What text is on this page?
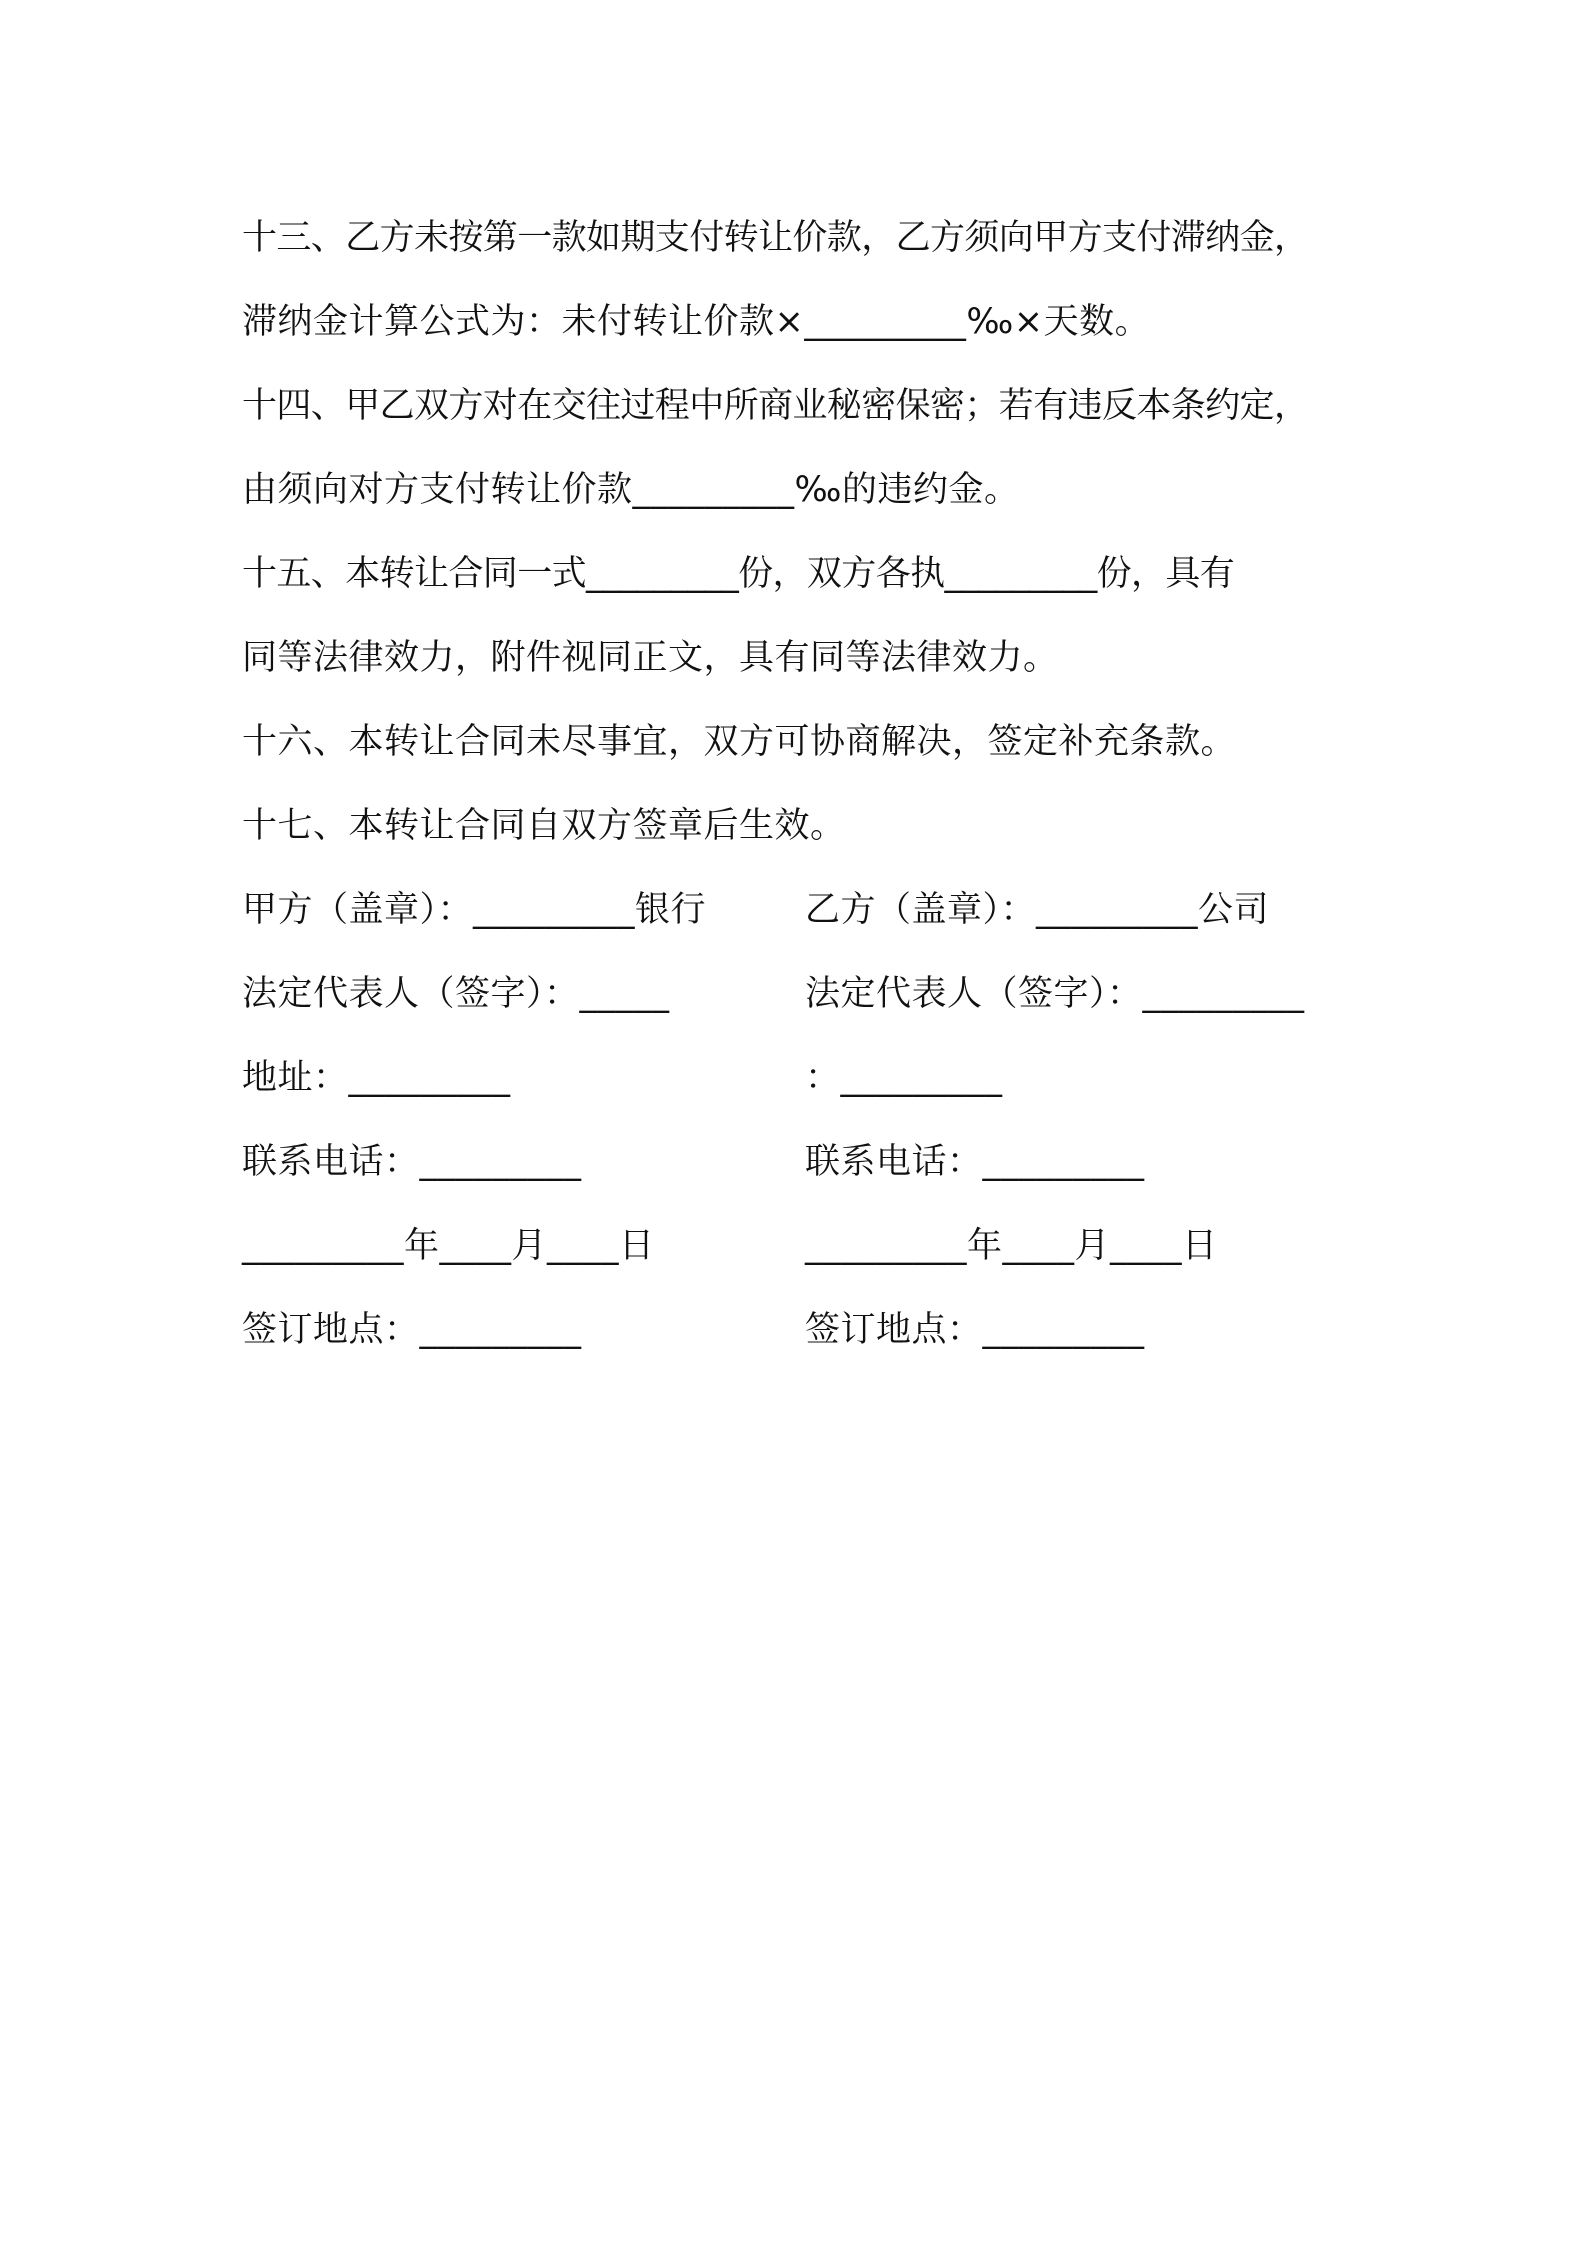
十三、乙方未按第一款如期支付转让价款，乙方须向甲方支付滞纳金，
滞纳金计算公式为：未付转让价款×_________‰×天数。
十四、甲乙双方对在交往过程中所商业秘密保密；若有违反本条约定，
由须向对方支付转让价款_________‰的违约金。
十五、本转让合同一式_________份，双方各执_________份，具有
同等法律效力，附件视同正文，具有同等法律效力。
十六、本转让合同未尽事宜，双方可协商解决，签定补充条款。
十七、本转让合同自双方签章后生效。
甲方（盖章）：_________银行	乙方（盖章）：_________公司
法定代表人（签字）：_____	法定代表人（签字）：_________
地址：_________	：_________
联系电话：_________	联系电话：_________
_________年____月____日	_________年____月____日
签订地点：_________	签订地点：_________
